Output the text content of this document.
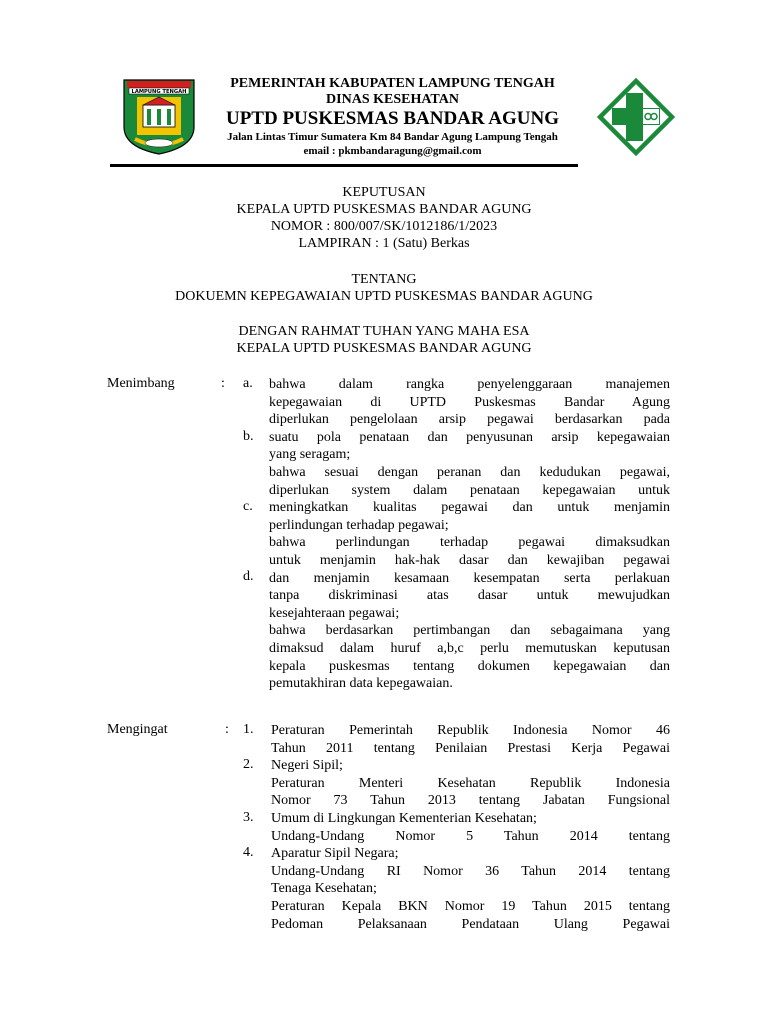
LAMPUNG TENGAH
PEMERINTAH KABUPATEN LAMPUNG TENGAH
DINAS KESEHATAN
UPTD PUSKESMAS BANDAR AGUNG
Jalan Lintas Timur Sumatera Km 84 Bandar Agung Lampung Tengah
email : pkmbandaragung@gmail.com
KEPUTUSAN
KEPALA UPTD PUSKESMAS BANDAR AGUNG
NOMOR : 800/007/SK/1012186/1/2023
LAMPIRAN : 1 (Satu) Berkas
TENTANG
DOKUEMN KEPEGAWAIAN UPTD PUSKESMAS BANDAR AGUNG
DENGAN RAHMAT TUHAN YANG MAHA ESA
KEPALA UPTD PUSKESMAS BANDAR AGUNG
Menimbang	: a.
b.
c.
d.
bahwa dalam rangka penyelenggaraan manajemen
kepegawaian di UPTD Puskesmas Bandar Agung
diperlukan pengelolaan arsip pegawai berdasarkan pada
suatu pola penataan dan penyusunan arsip kepegawaian
yang seragam;
bahwa sesuai dengan peranan dan kedudukan pegawai,
diperlukan system dalam penataan kepegawaian untuk
meningkatkan kualitas pegawai dan untuk menjamin
perlindungan terhadap pegawai;
bahwa perlindungan terhadap pegawai dimaksudkan
untuk menjamin hak-hak dasar dan kewajiban pegawai
dan menjamin kesamaan kesempatan serta perlakuan
tanpa diskriminasi atas dasar untuk mewujudkan
kesejahteraan pegawai;
bahwa berdasarkan pertimbangan dan sebagaimana yang
dimaksud dalam huruf a,b,c perlu memutuskan keputusan
kepala puskesmas tentang dokumen kepegawaian dan
pemutakhiran data kepegawaian.
Mengingat	: 1.
2.
3.
4.
Peraturan Pemerintah Republik Indonesia Nomor 46
Tahun 2011 tentang Penilaian Prestasi Kerja Pegawai
Negeri Sipil;
Peraturan Menteri Kesehatan Republik Indonesia
Nomor 73 Tahun 2013 tentang Jabatan Fungsional
Umum di Lingkungan Kementerian Kesehatan;
Undang-Undang Nomor 5 Tahun 2014 tentang
Aparatur Sipil Negara;
Undang-Undang RI Nomor 36 Tahun 2014 tentang
Tenaga Kesehatan;
Peraturan Kepala BKN Nomor 19 Tahun 2015 tentang
Pedoman Pelaksanaan Pendataan Ulang Pegawai
